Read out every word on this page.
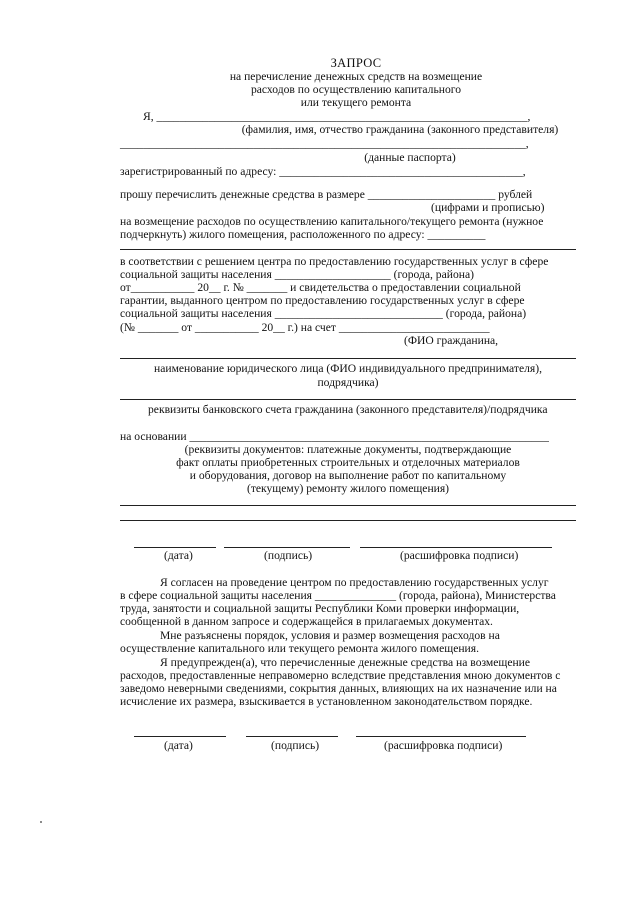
ЗАПРОС
на перечисление денежных средств на возмещение
расходов по осуществлению капитального
или текущего ремонта
Я, ________________________________________________________________,
(фамилия, имя, отчество гражданина (законного представителя)
______________________________________________________________________,
(данные паспорта)
зарегистрированный по адресу: __________________________________________,
прошу перечислить денежные средства в размере ______________________ рублей
(цифрами и прописью)
на возмещение расходов по осуществлению капитального/текущего ремонта (нужное
подчеркнуть) жилого помещения, расположенного по адресу: __________
в соответствии с решением центра по предоставлению государственных услуг в сфере
социальной защиты населения ____________________ (города, района)
от___________ 20__ г. № _______ и свидетельства о предоставлении социальной
гарантии, выданного центром по предоставлению государственных услуг в сфере
социальной защиты населения _____________________________ (города, района)
(№ _______ от ___________ 20__ г.) на счет __________________________
(ФИО гражданина,
наименование юридического лица (ФИО индивидуального предпринимателя),
подрядчика)
реквизиты банковского счета гражданина (законного представителя)/подрядчика
на основании ______________________________________________________________
(реквизиты документов: платежные документы, подтверждающие
факт оплаты приобретенных строительных и отделочных материалов
и оборудования, договор на выполнение работ по капитальному
(текущему) ремонту жилого помещения)
(дата)	(подпись)	(расшифровка подписи)
Я согласен на проведение центром по предоставлению государственных услуг
в сфере социальной защиты населения ______________ (города, района), Министерства
труда, занятости и социальной защиты Республики Коми проверки информации,
сообщенной в данном запросе и содержащейся в прилагаемых документах.
Мне разъяснены порядок, условия и размер возмещения расходов на
осуществление капитального или текущего ремонта жилого помещения.
Я предупрежден(а), что перечисленные денежные средства на возмещение
расходов, предоставленные неправомерно вследствие представления мною документов с
заведомо неверными сведениями, сокрытия данных, влияющих на их назначение или на
исчисление их размера, взыскивается в установленном законодательством порядке.
(дата)	(подпись)	(расшифровка подписи)
